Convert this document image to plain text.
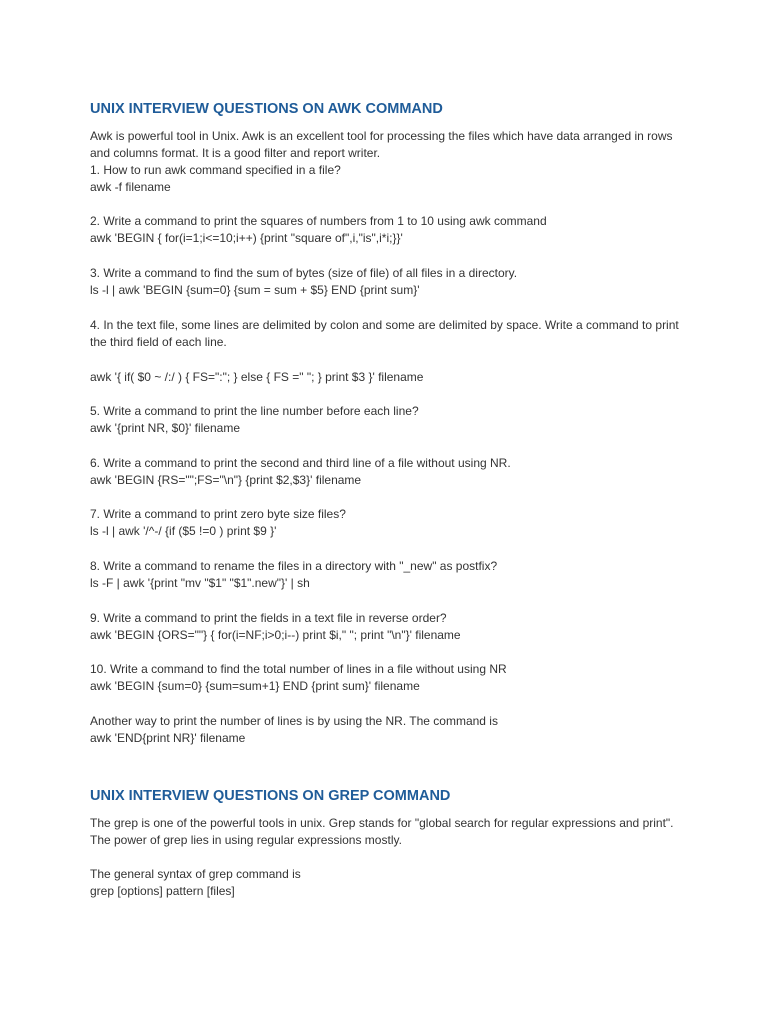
UNIX INTERVIEW QUESTIONS ON AWK COMMAND

Awk is powerful tool in Unix. Awk is an excellent tool for processing the files which have data arranged in rows

and columns format. It is a good filter and report writer.

1. How to run awk command specified in a file?

awk -f filename

2. Write a command to print the squares of numbers from 1 to 10 using awk command

awk 'BEGIN { for(i=1;i<=10;i++) {print "square of",i,"is",i*i;}}'

3. Write a command to find the sum of bytes (size of file) of all files in a directory.

ls -l | awk 'BEGIN {sum=0} {sum = sum + $5} END {print sum}'

4. In the text file, some lines are delimited by colon and some are delimited by space. Write a command to print

the third field of each line.

awk '{ if( $0 ~ /:/ ) { FS=":"; } else { FS =" "; } print $3 }' filename

5. Write a command to print the line number before each line?

awk '{print NR, $0}' filename

6. Write a command to print the second and third line of a file without using NR.

awk 'BEGIN {RS="";FS="\n"} {print $2,$3}' filename

7. Write a command to print zero byte size files?

ls -l | awk '/^-/ {if ($5 !=0 ) print $9 }'

8. Write a command to rename the files in a directory with "_new" as postfix?

ls -F | awk '{print "mv "$1" "$1".new"}' | sh

9. Write a command to print the fields in a text file in reverse order?

awk 'BEGIN {ORS=""} { for(i=NF;i>0;i--) print $i," "; print "\n"}' filename

10. Write a command to find the total number of lines in a file without using NR

awk 'BEGIN {sum=0} {sum=sum+1} END {print sum}' filename

Another way to print the number of lines is by using the NR. The command is

awk 'END{print NR}' filename

UNIX INTERVIEW QUESTIONS ON GREP COMMAND

The grep is one of the powerful tools in unix. Grep stands for "global search for regular expressions and print".

The power of grep lies in using regular expressions mostly.

The general syntax of grep command is

grep [options] pattern [files]
